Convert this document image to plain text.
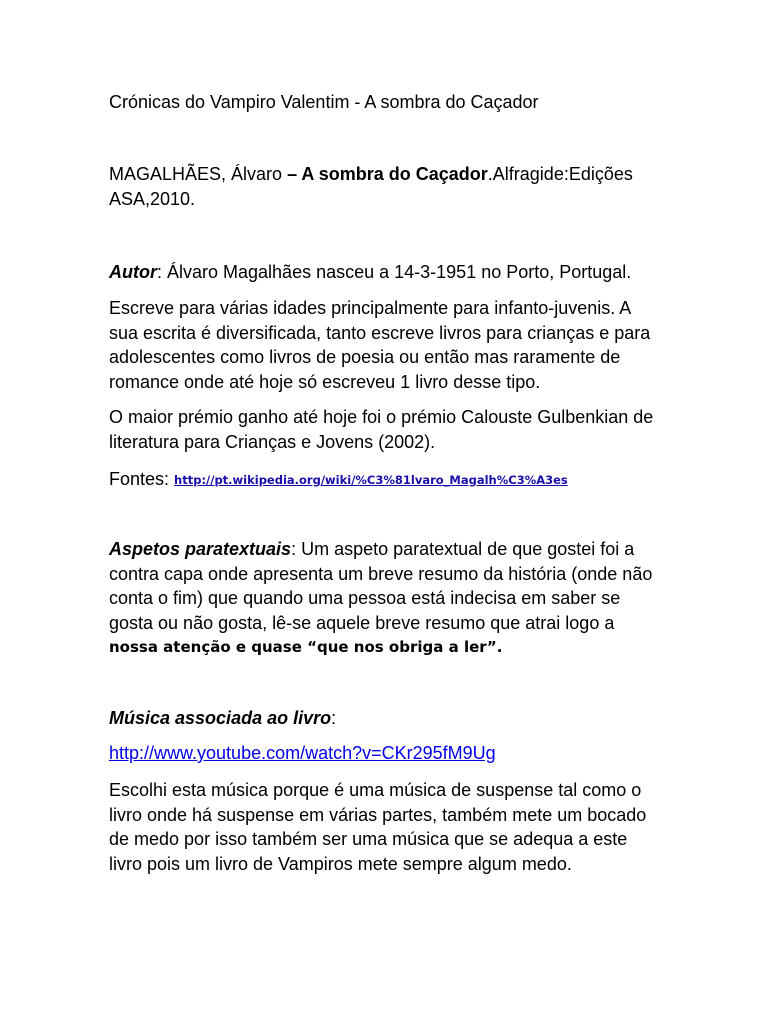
Crónicas do Vampiro Valentim - A sombra do Caçador
MAGALHÃES, Álvaro – A sombra do Caçador.Alfragide:Edições
ASA,2010.
Autor: Álvaro Magalhães nasceu a 14-3-1951 no Porto, Portugal.
Escreve para várias idades principalmente para infanto-juvenis. A
sua escrita é diversificada, tanto escreve livros para crianças e para
adolescentes como livros de poesia ou então mas raramente de
romance onde até hoje só escreveu 1 livro desse tipo.
O maior prémio ganho até hoje foi o prémio Calouste Gulbenkian de
literatura para Crianças e Jovens (2002).
Fontes: http://pt.wikipedia.org/wiki/%C3%81lvaro_Magalh%C3%A3es
Aspetos paratextuais: Um aspeto paratextual de que gostei foi a
contra capa onde apresenta um breve resumo da história (onde não
conta o fim) que quando uma pessoa está indecisa em saber se
gosta ou não gosta, lê-se aquele breve resumo que atrai logo a
nossa atenção e quase “que nos obriga a ler”.
Música associada ao livro:
http://www.youtube.com/watch?v=CKr295fM9Ug
Escolhi esta música porque é uma música de suspense tal como o
livro onde há suspense em várias partes, também mete um bocado
de medo por isso também ser uma música que se adequa a este
livro pois um livro de Vampiros mete sempre algum medo.
